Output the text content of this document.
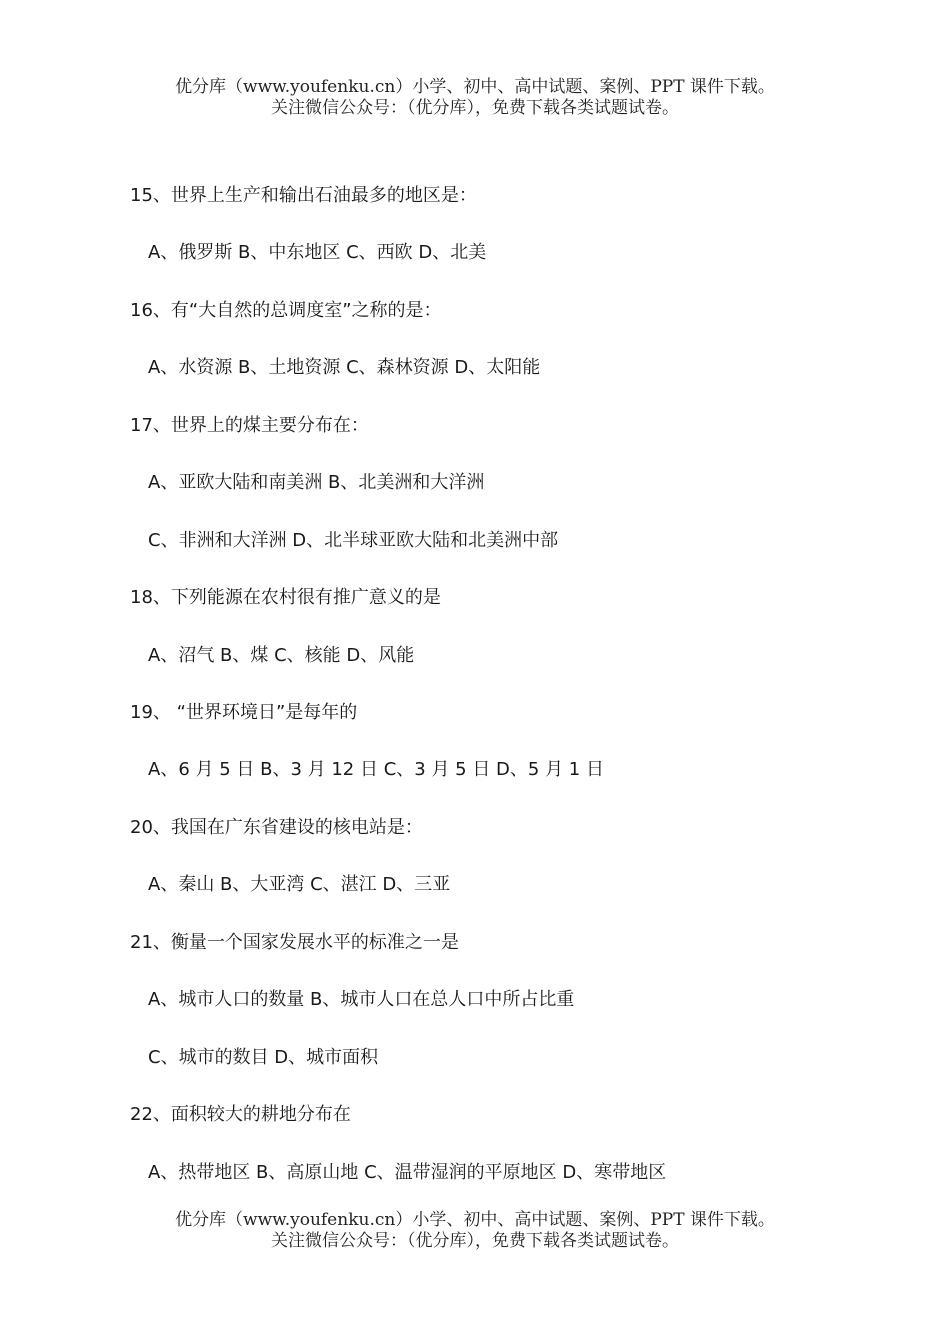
优分库（www.youfenku.cn）小学、初中、高中试题、案例、PPT 课件下载。
关注微信公众号：（优分库），免费下载各类试题试卷。
15、世界上生产和输出石油最多的地区是：
A、俄罗斯 B、中东地区 C、西欧 D、北美
16、有“大自然的总调度室”之称的是：
A、水资源 B、土地资源 C、森林资源 D、太阳能
17、世界上的煤主要分布在：
A、亚欧大陆和南美洲 B、北美洲和大洋洲
C、非洲和大洋洲 D、北半球亚欧大陆和北美洲中部
18、下列能源在农村很有推广意义的是
A、沼气 B、煤 C、核能 D、风能
19、 “世界环境日”是每年的
A、6 月 5 日 B、3 月 12 日 C、3 月 5 日 D、5 月 1 日
20、我国在广东省建设的核电站是：
A、秦山 B、大亚湾 C、湛江 D、三亚
21、衡量一个国家发展水平的标准之一是
A、城市人口的数量 B、城市人口在总人口中所占比重
C、城市的数目 D、城市面积
22、面积较大的耕地分布在
A、热带地区 B、高原山地 C、温带湿润的平原地区 D、寒带地区
优分库（www.youfenku.cn）小学、初中、高中试题、案例、PPT 课件下载。
关注微信公众号：（优分库），免费下载各类试题试卷。
